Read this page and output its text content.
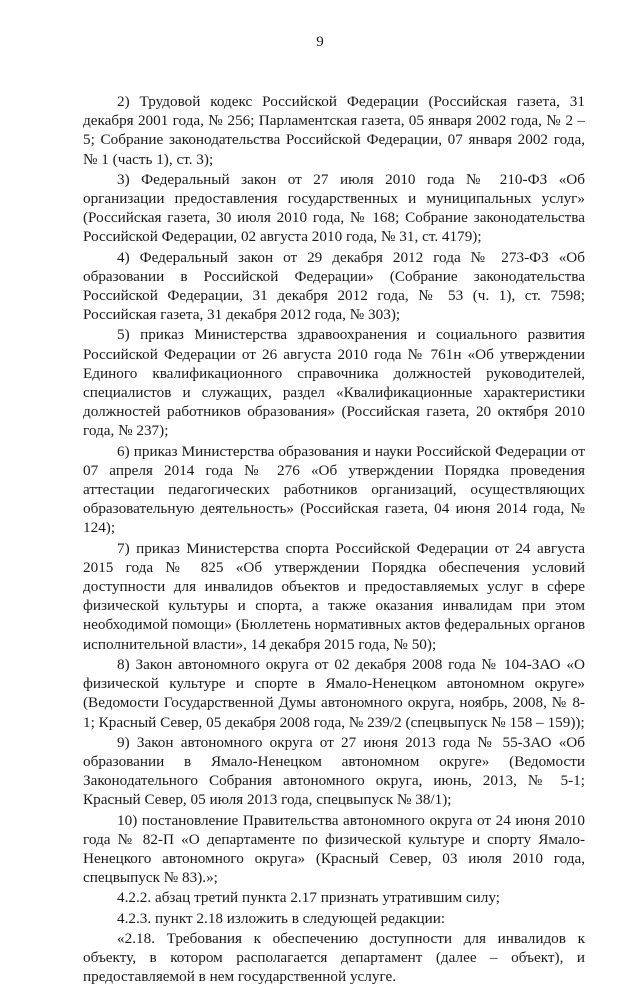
9

2) Трудовой кодекс Российской Федерации (Российская газета, 31 декабря 2001 года, № 256; Парламентская газета, 05 января 2002 года, № 2 – 5; Собрание законодательства Российской Федерации, 07 января 2002 года, № 1 (часть 1), ст. 3);

3) Федеральный закон от 27 июля 2010 года № 210-ФЗ «Об организации предоставления государственных и муниципальных услуг» (Российская газета, 30 июля 2010 года, № 168; Собрание законодательства Российской Федерации, 02 августа 2010 года, № 31, ст. 4179);

4) Федеральный закон от 29 декабря 2012 года № 273-ФЗ «Об образовании в Российской Федерации» (Собрание законодательства Российской Федерации, 31 декабря 2012 года, № 53 (ч. 1), ст. 7598; Российская газета, 31 декабря 2012 года, № 303);

5) приказ Министерства здравоохранения и социального развития Российской Федерации от 26 августа 2010 года № 761н «Об утверждении Единого квалификационного справочника должностей руководителей, специалистов и служащих, раздел «Квалификационные характеристики должностей работников образования» (Российская газета, 20 октября 2010 года, № 237);

6) приказ Министерства образования и науки Российской Федерации от 07 апреля 2014 года № 276 «Об утверждении Порядка проведения аттестации педагогических работников организаций, осуществляющих образовательную деятельность» (Российская газета, 04 июня 2014 года, № 124);

7) приказ Министерства спорта Российской Федерации от 24 августа 2015 года № 825 «Об утверждении Порядка обеспечения условий доступности для инвалидов объектов и предоставляемых услуг в сфере физической культуры и спорта, а также оказания инвалидам при этом необходимой помощи» (Бюллетень нормативных актов федеральных органов исполнительной власти», 14 декабря 2015 года, № 50);

8) Закон автономного округа от 02 декабря 2008 года № 104-ЗАО «О физической культуре и спорте в Ямало-Ненецком автономном округе» (Ведомости Государственной Думы автономного округа, ноябрь, 2008, № 8-1; Красный Север, 05 декабря 2008 года, № 239/2 (спецвыпуск № 158 – 159));

9) Закон автономного округа от 27 июня 2013 года № 55-ЗАО «Об образовании в Ямало-Ненецком автономном округе» (Ведомости Законодательного Собрания автономного округа, июнь, 2013, № 5-1; Красный Север, 05 июля 2013 года, спецвыпуск № 38/1);

10) постановление Правительства автономного округа от 24 июня 2010 года № 82-П «О департаменте по физической культуре и спорту Ямало-Ненецкого автономного округа» (Красный Север, 03 июля 2010 года, спецвыпуск № 83).»;

4.2.2. абзац третий пункта 2.17 признать утратившим силу;

4.2.3. пункт 2.18 изложить в следующей редакции:

«2.18. Требования к обеспечению доступности для инвалидов к объекту, в котором располагается департамент (далее – объект), и предоставляемой в нем государственной услуге.
